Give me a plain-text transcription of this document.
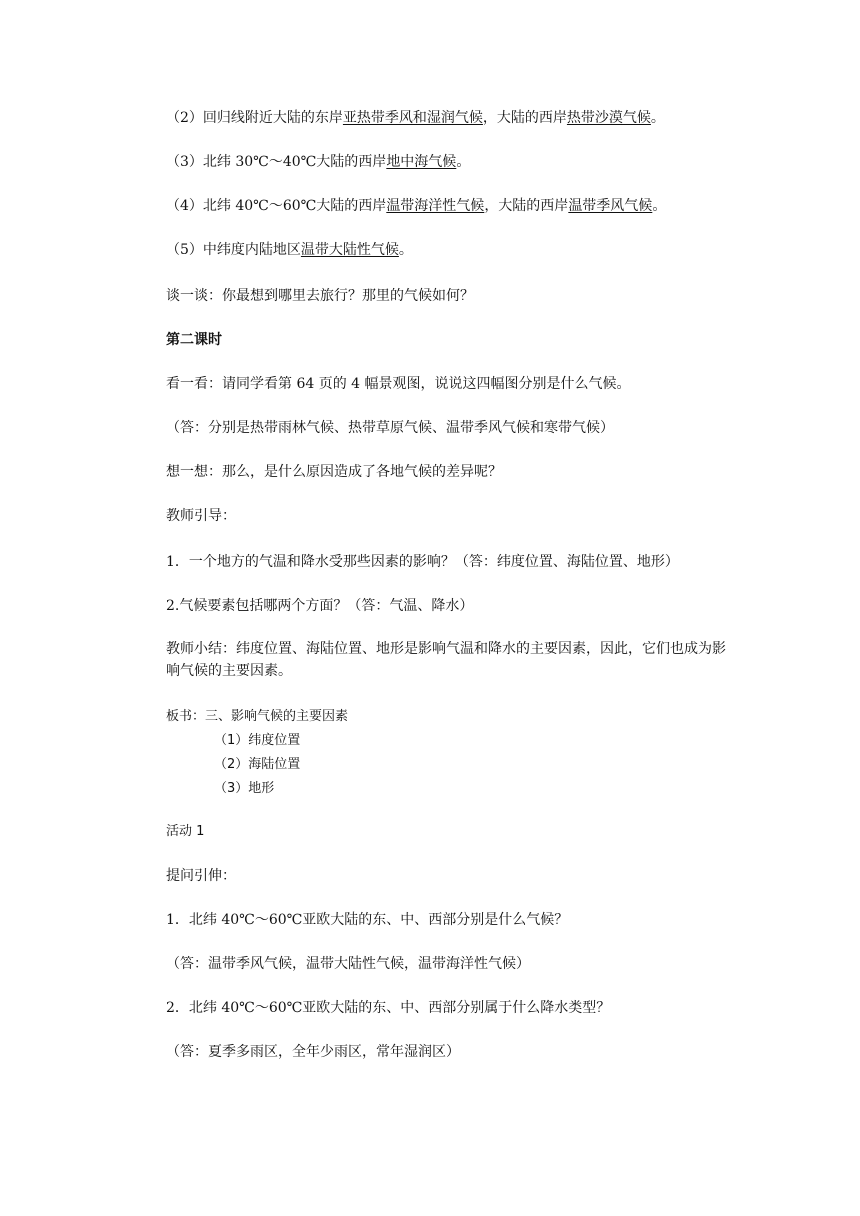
（2）回归线附近大陆的东岸亚热带季风和湿润气候，大陆的西岸热带沙漠气候。
（3）北纬 30℃～40℃大陆的西岸地中海气候。
（4）北纬 40℃～60℃大陆的西岸温带海洋性气候，大陆的西岸温带季风气候。
（5）中纬度内陆地区温带大陆性气候。
谈一谈：你最想到哪里去旅行？那里的气候如何？
第二课时
看一看：请同学看第 64 页的 4 幅景观图，说说这四幅图分别是什么气候。
（答：分别是热带雨林气候、热带草原气候、温带季风气候和寒带气候）
想一想：那么，是什么原因造成了各地气候的差异呢？
教师引导：
1．一个地方的气温和降水受那些因素的影响？（答：纬度位置、海陆位置、地形）
2.气候要素包括哪两个方面？（答：气温、降水）
教师小结：纬度位置、海陆位置、地形是影响气温和降水的主要因素，因此，它们也成为影响气候的主要因素。
板书：三、影响气候的主要因素
（1）纬度位置
（2）海陆位置
（3）地形
活动 1
提问引伸：
1．北纬 40℃～60℃亚欧大陆的东、中、西部分别是什么气候？
（答：温带季风气候，温带大陆性气候，温带海洋性气候）
2．北纬 40℃～60℃亚欧大陆的东、中、西部分别属于什么降水类型？
（答：夏季多雨区，全年少雨区，常年湿润区）
